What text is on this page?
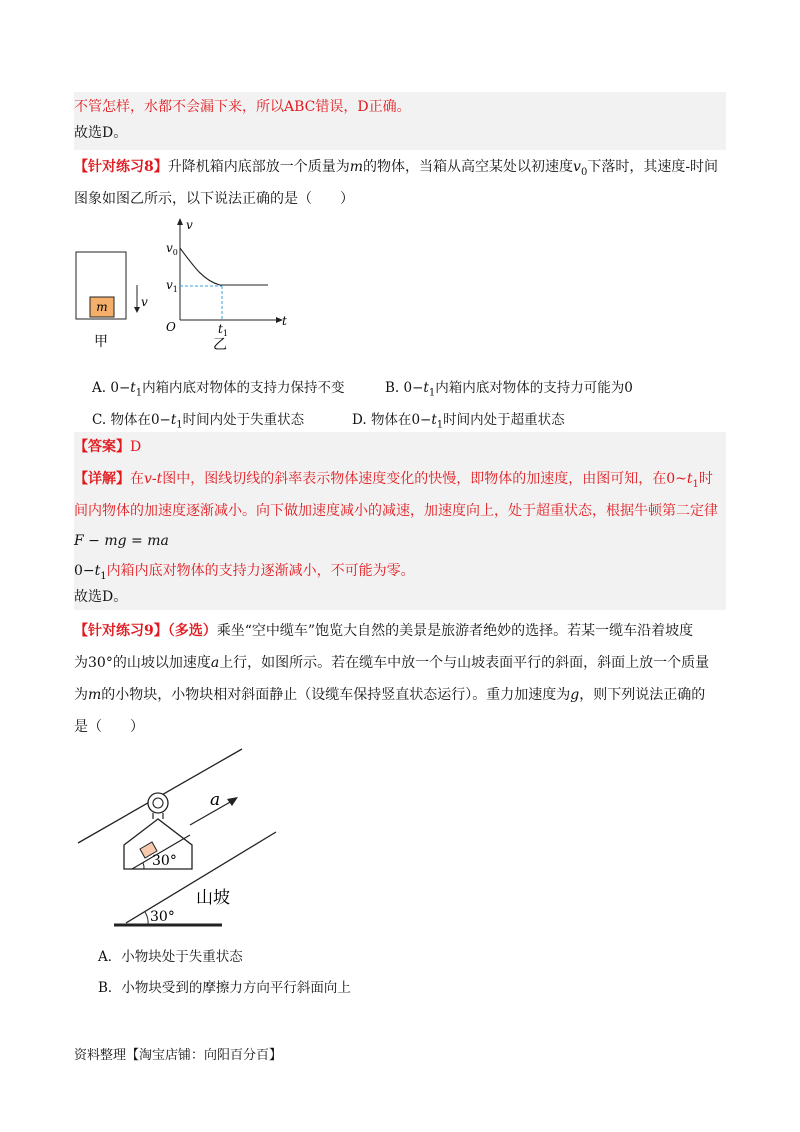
不管怎样，水都不会漏下来，所以ABC错误，D正确。
故选D。
【针对练习8】升降机箱内底部放一个质量为m的物体，当箱从高空某处以初速度$v_0$下落时，其速度-时间
图象如图乙所示，以下说法正确的是（　　）
m	v
甲
v
t
O
$v_0$
$v_1$
$t_1$
乙
A. $0-t_1$内箱内底对物体的支持力保持不变	B. $0-t_1$内箱内底对物体的支持力可能为0
C. 物体在$0-t_1$时间内处于失重状态	D. 物体在$0-t_1$时间内处于超重状态
【答案】D
【详解】在v-t图中，图线切线的斜率表示物体速度变化的快慢，即物体的加速度，由图可知，在$0\sim t_1$时
间内物体的加速度逐渐减小。向下做加速度减小的减速，加速度向上，处于超重状态，根据牛顿第二定律
F − mg = ma
$0-t_1$内箱内底对物体的支持力逐渐减小，不可能为零。
故选D。
【针对练习9】（多选）乘坐“空中缆车”饱览大自然的美景是旅游者绝妙的选择。若某一缆车沿着坡度
为30°的山坡以加速度a上行，如图所示。若在缆车中放一个与山坡表面平行的斜面，斜面上放一个质量
为m的小物块，小物块相对斜面静止（设缆车保持竖直状态运行）。重力加速度为g，则下列说法正确的
是（　　）
30°
a
30°
山坡
A．小物块处于失重状态
B．小物块受到的摩擦力方向平行斜面向上
资料整理【淘宝店铺：向阳百分百】
